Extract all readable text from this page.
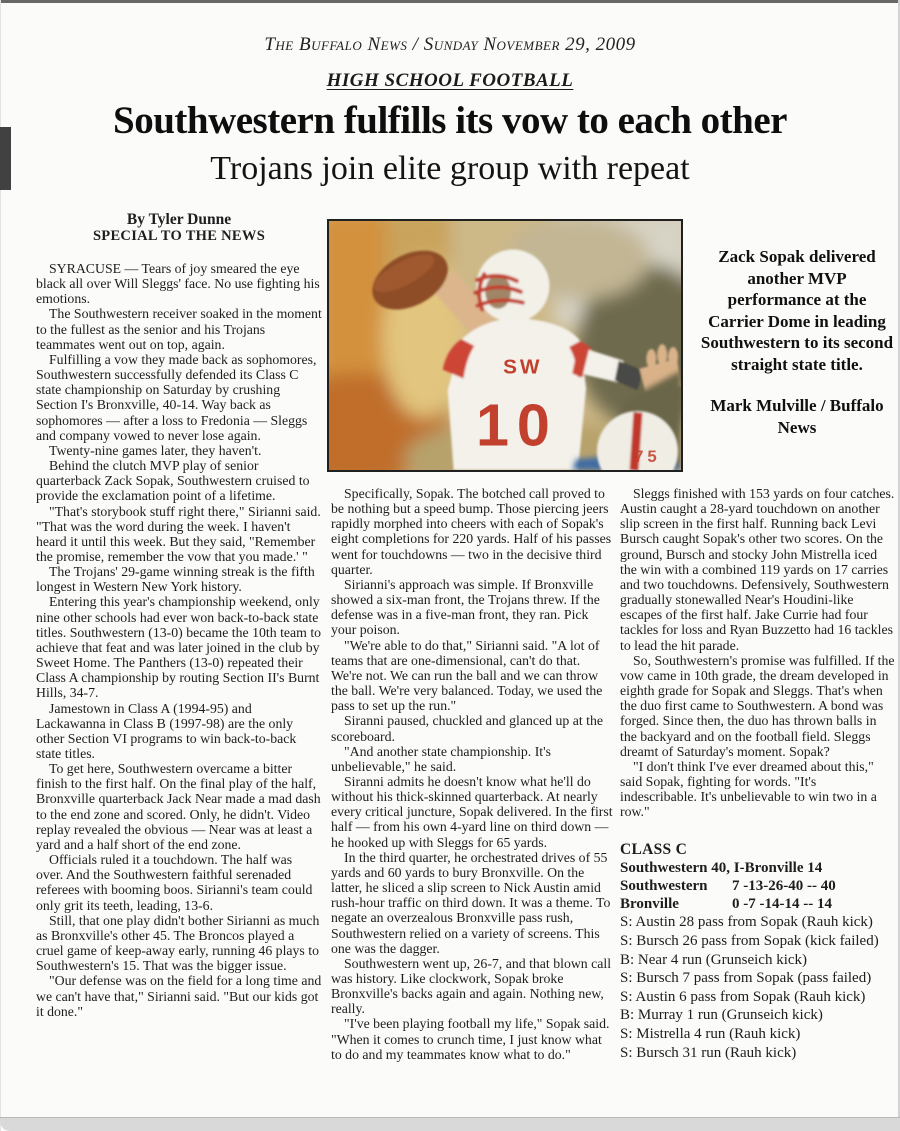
The Buffalo News / Sunday November 29, 2009
HIGH SCHOOL FOOTBALL
Southwestern fulfills its vow to each other
Trojans join elite group with repeat
By Tyler Dunne
SPECIAL TO THE NEWS
SW
10	75
Zack Sopak delivered another MVP performance at the Carrier Dome in leading Southwestern to its second straight state title.
Mark Mulville / Buffalo News

SYRACUSE — Tears of joy smeared the eye black all over Will Sleggs' face. No use fighting his emotions.

The Southwestern receiver soaked in the moment to the fullest as the senior and his Trojans teammates went out on top, again.

Fulfilling a vow they made back as sophomores, Southwestern successfully defended its Class C state championship on Saturday by crushing Section I's Bronxville, 40-14. Way back as sophomores — after a loss to Fredonia — Sleggs and company vowed to never lose again.

Twenty-nine games later, they haven't.

Behind the clutch MVP play of senior quarterback Zack Sopak, Southwestern cruised to provide the exclamation point of a lifetime.

"That's storybook stuff right there," Sirianni said. "That was the word during the week. I haven't heard it until this week. But they said, "Remember the promise, remember the vow that you made.' "

The Trojans' 29-game winning streak is the fifth longest in Western New York history.

Entering this year's championship weekend, only nine other schools had ever won back-to-back state titles. Southwestern (13-0) became the 10th team to achieve that feat and was later joined in the club by Sweet Home. The Panthers (13-0) repeated their Class A championship by routing Section II's Burnt Hills, 34-7.

Jamestown in Class A (1994-95) and Lackawanna in Class B (1997-98) are the only other Section VI programs to win back-to-back state titles.

To get here, Southwestern overcame a bitter finish to the first half. On the final play of the half, Bronxville quarterback Jack Near made a mad dash to the end zone and scored. Only, he didn't. Video replay revealed the obvious — Near was at least a yard and a half short of the end zone.

Officials ruled it a touchdown. The half was over. And the Southwestern faithful serenaded referees with booming boos. Sirianni's team could only grit its teeth, leading, 13-6.

Still, that one play didn't bother Sirianni as much as Bronxville's other 45. The Broncos played a cruel game of keep-away early, running 46 plays to Southwestern's 15. That was the bigger issue.

"Our defense was on the field for a long time and we can't have that," Sirianni said. "But our kids got it done."

Specifically, Sopak. The botched call proved to be nothing but a speed bump. Those piercing jeers rapidly morphed into cheers with each of Sopak's eight completions for 220 yards. Half of his passes went for touchdowns — two in the decisive third quarter.

Sirianni's approach was simple. If Bronxville showed a six-man front, the Trojans threw. If the defense was in a five-man front, they ran. Pick your poison.

"We're able to do that," Sirianni said. "A lot of teams that are one-dimensional, can't do that. We're not. We can run the ball and we can throw the ball. We're very balanced. Today, we used the pass to set up the run."

Siranni paused, chuckled and glanced up at the scoreboard.

"And another state championship. It's unbelievable," he said.

Siranni admits he doesn't know what he'll do without his thick-skinned quarterback. At nearly every critical juncture, Sopak delivered. In the first half — from his own 4-yard line on third down — he hooked up with Sleggs for 65 yards.

In the third quarter, he orchestrated drives of 55 yards and 60 yards to bury Bronxville. On the latter, he sliced a slip screen to Nick Austin amid rush-hour traffic on third down. It was a theme. To negate an overzealous Bronxville pass rush, Southwestern relied on a variety of screens. This one was the dagger.

Southwestern went up, 26-7, and that blown call was history. Like clockwork, Sopak broke Bronxville's backs again and again. Nothing new, really.

"I've been playing football my life," Sopak said. "When it comes to crunch time, I just know what to do and my teammates know what to do."

Sleggs finished with 153 yards on four catches. Austin caught a 28-yard touchdown on another slip screen in the first half. Running back Levi Bursch caught Sopak's other two scores. On the ground, Bursch and stocky John Mistrella iced the win with a combined 119 yards on 17 carries and two touchdowns. Defensively, Southwestern gradually stonewalled Near's Houdini-like escapes of the first half. Jake Currie had four tackles for loss and Ryan Buzzetto had 16 tackles to lead the hit parade.

So, Southwestern's promise was fulfilled. If the vow came in 10th grade, the dream developed in eighth grade for Sopak and Sleggs. That's when the duo first came to Southwestern. A bond was forged. Since then, the duo has thrown balls in the backyard and on the football field. Sleggs dreamt of Saturday's moment. Sopak?

"I don't think I've ever dreamed about this," said Sopak, fighting for words. "It's indescribable. It's unbelievable to win two in a row."

CLASS C
Southwestern 40, I-Bronville 14
Southwestern	7 -13-26-40 -- 40
Bronville	0 -7 -14-14 -- 14

S: Austin 28 pass from Sopak (Rauh kick)

S: Bursch 26 pass from Sopak (kick failed)

B: Near 4 run (Grunseich kick)

S: Bursch 7 pass from Sopak (pass failed)

S: Austin 6 pass from Sopak (Rauh kick)

B: Murray 1 run (Grunseich kick)

S: Mistrella 4 run (Rauh kick)

S: Bursch 31 run (Rauh kick)
